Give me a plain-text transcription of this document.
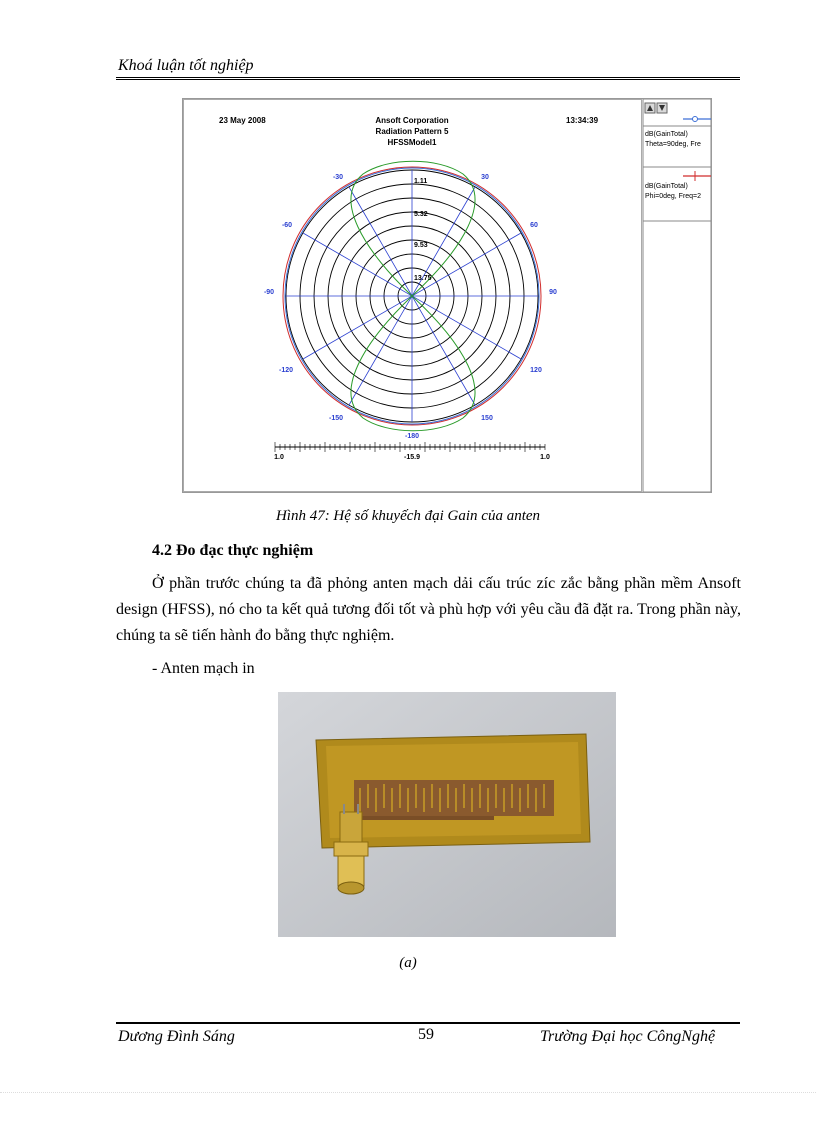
Khoá luận tốt nghiệp
dB(GainTotal)
Theta=90deg, Fre
dB(GainTotal)
Phi=0deg, Freq=2
23 May 2008	Ansoft Corporation
Radiation Pattern 5
HFSSModel1
13:34:39
1.11
5.32
9.53
13.75
-30	30
-60	60
-90	90
-120	120
-150	150
-180
1.0	-15.9	1.0
Hình 47: Hệ số khuyếch đại Gain của anten
4.2 Đo đạc thực nghiệm
Ở phần trước chúng ta đã phỏng anten mạch dải cấu trúc zíc zắc bằng phần mềm Ansoft design (HFSS), nó cho ta kết quả tương đối tốt và phù hợp với yêu cầu đã đặt ra. Trong phần này, chúng ta sẽ tiến hành đo bằng thực nghiệm.
- Anten mạch in
(a)
Dương Đình Sáng	59	Trường Đại học CôngNghệ
